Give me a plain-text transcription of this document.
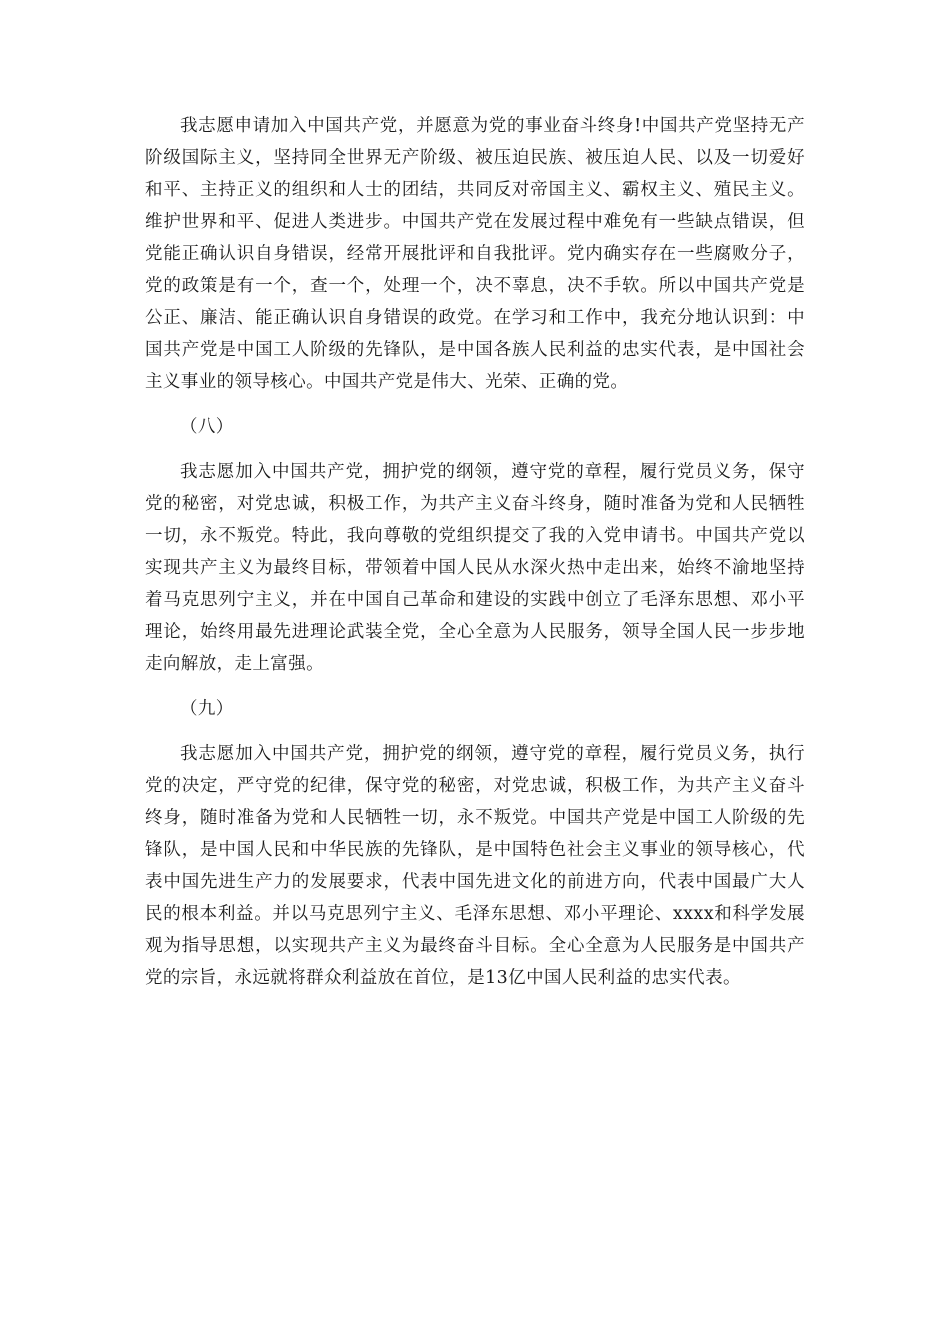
我志愿申请加入中国共产党，并愿意为党的事业奋斗终身!中国共产党坚持无产阶级国际主义，坚持同全世界无产阶级、被压迫民族、被压迫人民、以及一切爱好和平、主持正义的组织和人士的团结，共同反对帝国主义、霸权主义、殖民主义。维护世界和平、促进人类进步。中国共产党在发展过程中难免有一些缺点错误，但党能正确认识自身错误，经常开展批评和自我批评。党内确实存在一些腐败分子，党的政策是有一个，查一个，处理一个，决不辜息，决不手软。所以中国共产党是公正、廉洁、能正确认识自身错误的政党。在学习和工作中，我充分地认识到：中国共产党是中国工人阶级的先锋队，是中国各族人民利益的忠实代表，是中国社会主义事业的领导核心。中国共产党是伟大、光荣、正确的党。

（八）

我志愿加入中国共产党，拥护党的纲领，遵守党的章程，履行党员义务，保守党的秘密，对党忠诚，积极工作，为共产主义奋斗终身，随时准备为党和人民牺牲一切，永不叛党。特此，我向尊敬的党组织提交了我的入党申请书。中国共产党以实现共产主义为最终目标，带领着中国人民从水深火热中走出来，始终不渝地坚持着马克思列宁主义，并在中国自己革命和建设的实践中创立了毛泽东思想、邓小平理论，始终用最先进理论武装全党，全心全意为人民服务，领导全国人民一步步地走向解放，走上富强。

（九）

我志愿加入中国共产党，拥护党的纲领，遵守党的章程，履行党员义务，执行党的决定，严守党的纪律，保守党的秘密，对党忠诚，积极工作，为共产主义奋斗终身，随时准备为党和人民牺牲一切，永不叛党。中国共产党是中国工人阶级的先锋队，是中国人民和中华民族的先锋队，是中国特色社会主义事业的领导核心，代表中国先进生产力的发展要求，代表中国先进文化的前进方向，代表中国最广大人民的根本利益。并以马克思列宁主义、毛泽东思想、邓小平理论、xxxx和科学发展观为指导思想，以实现共产主义为最终奋斗目标。全心全意为人民服务是中国共产党的宗旨，永远就将群众利益放在首位，是13亿中国人民利益的忠实代表。
